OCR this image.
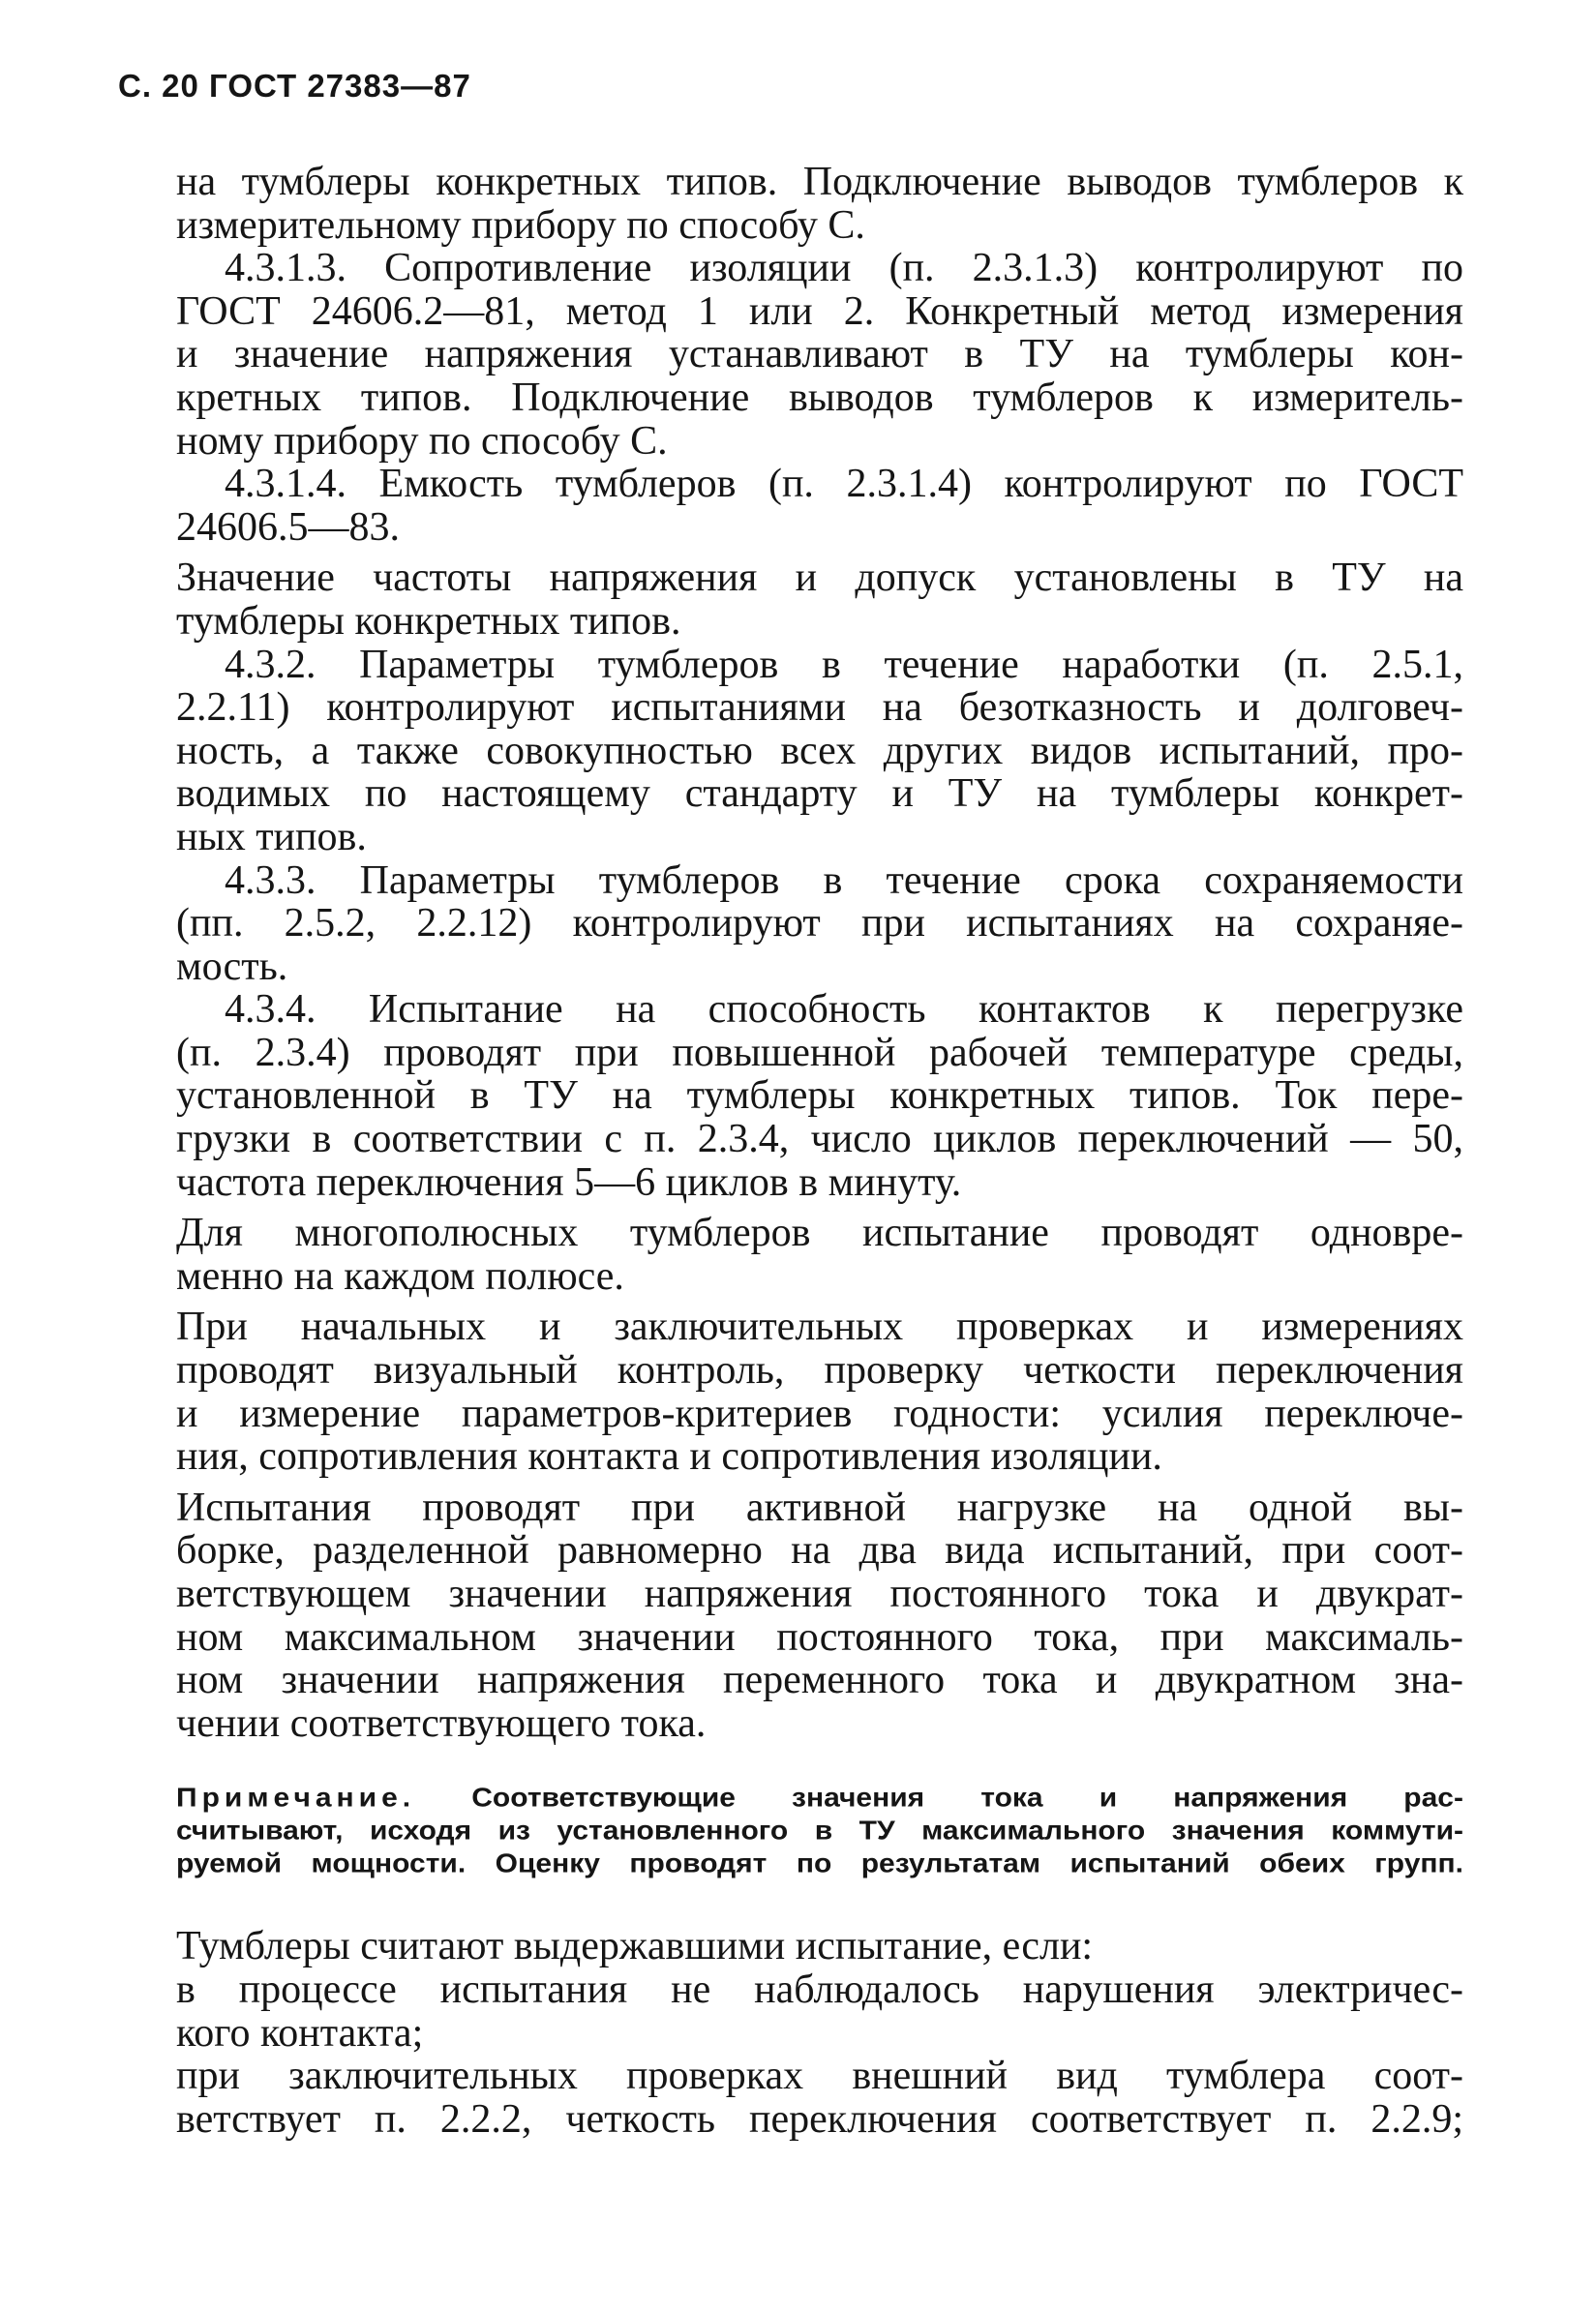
С. 20 ГОСТ 27383—87
на тумблеры конкретных типов. Подключение выводов тумблеров к
измерительному прибору по способу С.
4.3.1.3. Сопротивление изоляции (п. 2.3.1.3) контролируют по
ГОСТ 24606.2—81, метод 1 или 2. Конкретный метод измерения
и значение напряжения устанавливают в ТУ на тумблеры кон-
кретных типов. Подключение выводов тумблеров к измеритель-
ному прибору по способу С.
4.3.1.4. Емкость тумблеров (п. 2.3.1.4) контролируют по ГОСТ
24606.5—83.
Значение частоты напряжения и допуск установлены в ТУ на
тумблеры конкретных типов.
4.3.2. Параметры тумблеров в течение наработки (п. 2.5.1,
2.2.11) контролируют испытаниями на безотказность и долговеч-
ность, а также совокупностью всех других видов испытаний, про-
водимых по настоящему стандарту и ТУ на тумблеры конкрет-
ных типов.
4.3.3. Параметры тумблеров в течение срока сохраняемости
(пп. 2.5.2, 2.2.12) контролируют при испытаниях на сохраняе-
мость.
4.3.4. Испытание на способность контактов к перегрузке
(п. 2.3.4) проводят при повышенной рабочей температуре среды,
установленной в ТУ на тумблеры конкретных типов. Ток пере-
грузки в соответствии с п. 2.3.4, число циклов переключений — 50,
частота переключения 5—6 циклов в минуту.
Для многополюсных тумблеров испытание проводят одновре-
менно на каждом полюсе.
При начальных и заключительных проверках и измерениях
проводят визуальный контроль, проверку четкости переключения
и измерение параметров-критериев годности: усилия переключе-
ния, сопротивления контакта и сопротивления изоляции.
Испытания проводят при активной нагрузке на одной вы-
борке, разделенной равномерно на два вида испытаний, при соот-
ветствующем значении напряжения постоянного тока и двукрат-
ном максимальном значении постоянного тока, при максималь-
ном значении напряжения переменного тока и двукратном зна-
чении соответствующего тока.
Примечание. Соответствующие значения тока и напряжения рас-
считывают, исходя из установленного в ТУ максимального значения коммути-
руемой мощности. Оценку проводят по результатам испытаний обеих групп.
Тумблеры считают выдержавшими испытание, если:
в процессе испытания не наблюдалось нарушения электричес-
кого контакта;
при заключительных проверках внешний вид тумблера соот-
ветствует п. 2.2.2, четкость переключения соответствует п. 2.2.9;
